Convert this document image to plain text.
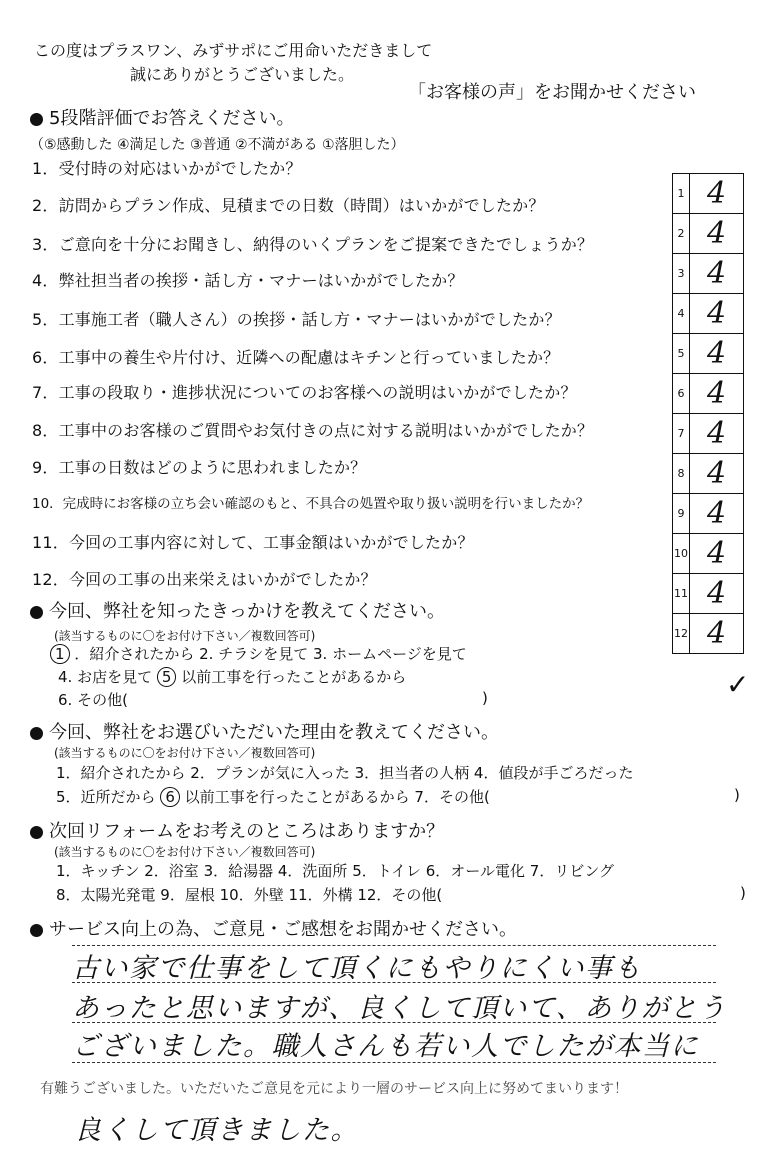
この度はプラスワン、みずサポにご用命いただきまして
誠にありがとうございました。
「お客様の声」をお聞かせください
5段階評価でお答えください。
（⑤感動した ④満足した ③普通 ②不満がある ①落胆した）
1．受付時の対応はいかがでしたか？
2．訪問からプラン作成、見積までの日数（時間）はいかがでしたか？
3．ご意向を十分にお聞きし、納得のいくプランをご提案できたでしょうか？
4．弊社担当者の挨拶・話し方・マナーはいかがでしたか？
5．工事施工者（職人さん）の挨拶・話し方・マナーはいかがでしたか？
6．工事中の養生や片付け、近隣への配慮はキチンと行っていましたか？
7．工事の段取り・進捗状況についてのお客様への説明はいかがでしたか？
8．工事中のお客様のご質問やお気付きの点に対する説明はいかがでしたか？
9．工事の日数はどのように思われましたか？
10．完成時にお客様の立ち会い確認のもと、不具合の処置や取り扱い説明を行いましたか？
11．今回の工事内容に対して、工事金額はいかがでしたか？
12．今回の工事の出来栄えはいかがでしたか？
1 4
2 4
3 4
4 4
5 4
6 4
7 4
8 4
9 4
10 4
11 4
12 4
✓
今回、弊社を知ったきっかけを教えてください。
(該当するものに〇をお付け下さい／複数回答可)
1 ．紹介されたから 2. チラシを見て 3. ホームページを見て
4. お店を見て 5 以前工事を行ったことがあるから
6. その他(	)
今回、弊社をお選びいただいた理由を教えてください。
(該当するものに〇をお付け下さい／複数回答可)
1．紹介されたから 2．プランが気に入った 3．担当者の人柄 4．値段が手ごろだった
5．近所だから 6 以前工事を行ったことがあるから 7．その他(	)
次回リフォームをお考えのところはありますか？
(該当するものに〇をお付け下さい／複数回答可)
1．キッチン 2．浴室 3．給湯器 4．洗面所 5．トイレ 6．オール電化 7．リビング
8．太陽光発電 9．屋根 10．外壁 11．外構 12．その他(	)
サービス向上の為、ご意見・ご感想をお聞かせください。
古い家で仕事をして頂くにもやりにくい事も
あったと思いますが、良くして頂いて、ありがとう
ございました。職人さんも若い人でしたが本当に
有難うございました。いただいたご意見を元により一層のサービス向上に努めてまいります！
良くして頂きました。
